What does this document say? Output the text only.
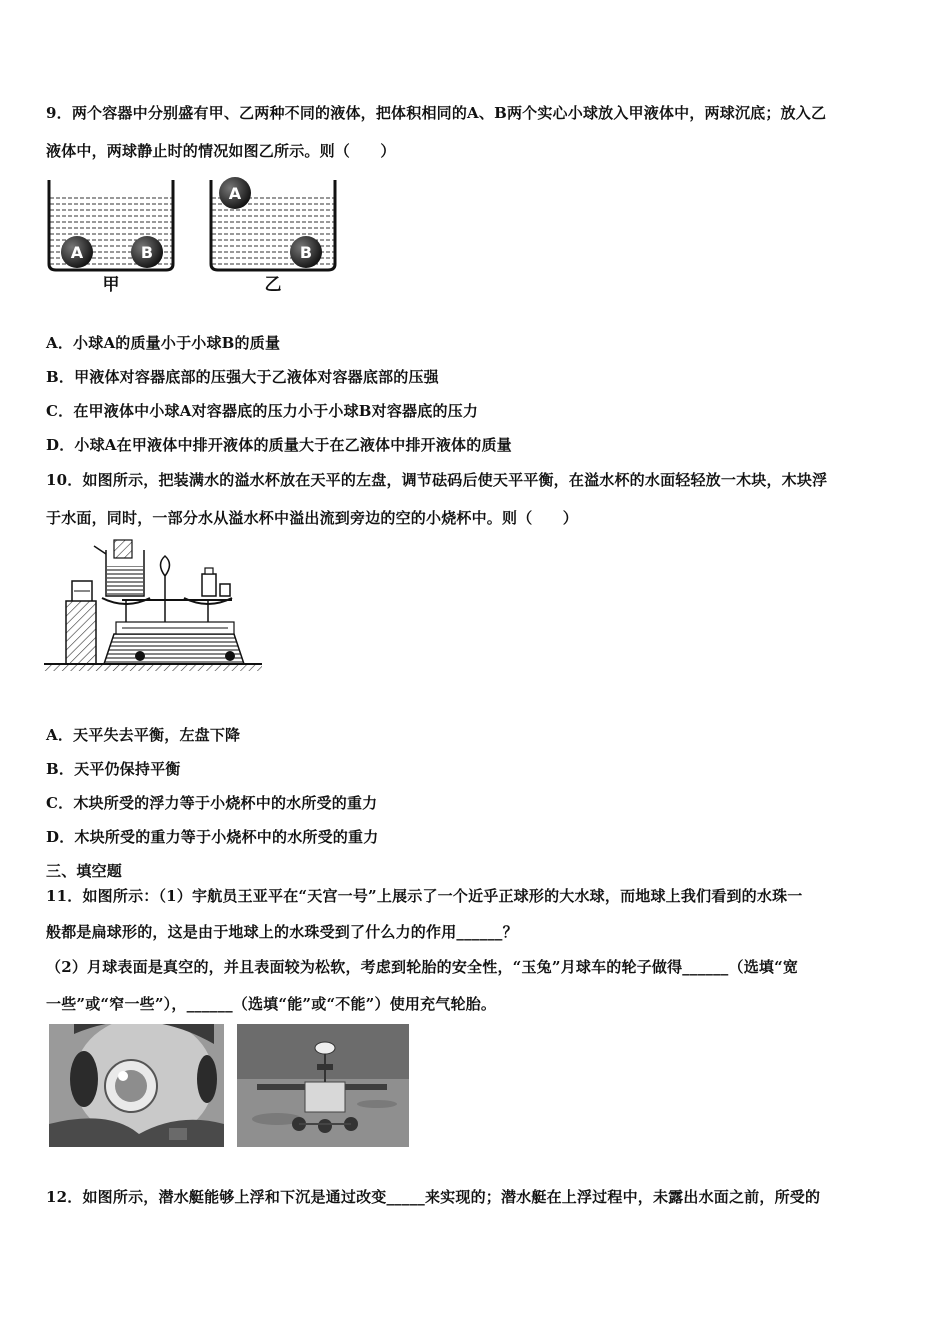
9．两个容器中分别盛有甲、乙两种不同的液体，把体积相同的A、B两个实心小球放入甲液体中，两球沉底；放入乙
液体中，两球静止时的情况如图乙所示。则（　　）
A	B
甲
A
B
乙
A．小球A的质量小于小球B的质量
B．甲液体对容器底部的压强大于乙液体对容器底部的压强
C．在甲液体中小球A对容器底的压力小于小球B对容器底的压力
D．小球A在甲液体中排开液体的质量大于在乙液体中排开液体的质量
10．如图所示，把装满水的溢水杯放在天平的左盘，调节砝码后使天平平衡，在溢水杯的水面轻轻放一木块，木块浮
于水面，同时，一部分水从溢水杯中溢出流到旁边的空的小烧杯中。则（　　）
A．天平失去平衡，左盘下降
B．天平仍保持平衡
C．木块所受的浮力等于小烧杯中的水所受的重力
D．木块所受的重力等于小烧杯中的水所受的重力
三、填空题
11．如图所示：（1）宇航员王亚平在“天宫一号”上展示了一个近乎正球形的大水球，而地球上我们看到的水珠一
般都是扁球形的，这是由于地球上的水珠受到了什么力的作用______？
（2）月球表面是真空的，并且表面较为松软，考虑到轮胎的安全性，“玉兔”月球车的轮子做得______（选填“宽
一些”或“窄一些”），______（选填“能”或“不能”）使用充气轮胎。
12．如图所示，潜水艇能够上浮和下沉是通过改变_____来实现的；潜水艇在上浮过程中，未露出水面之前，所受的
